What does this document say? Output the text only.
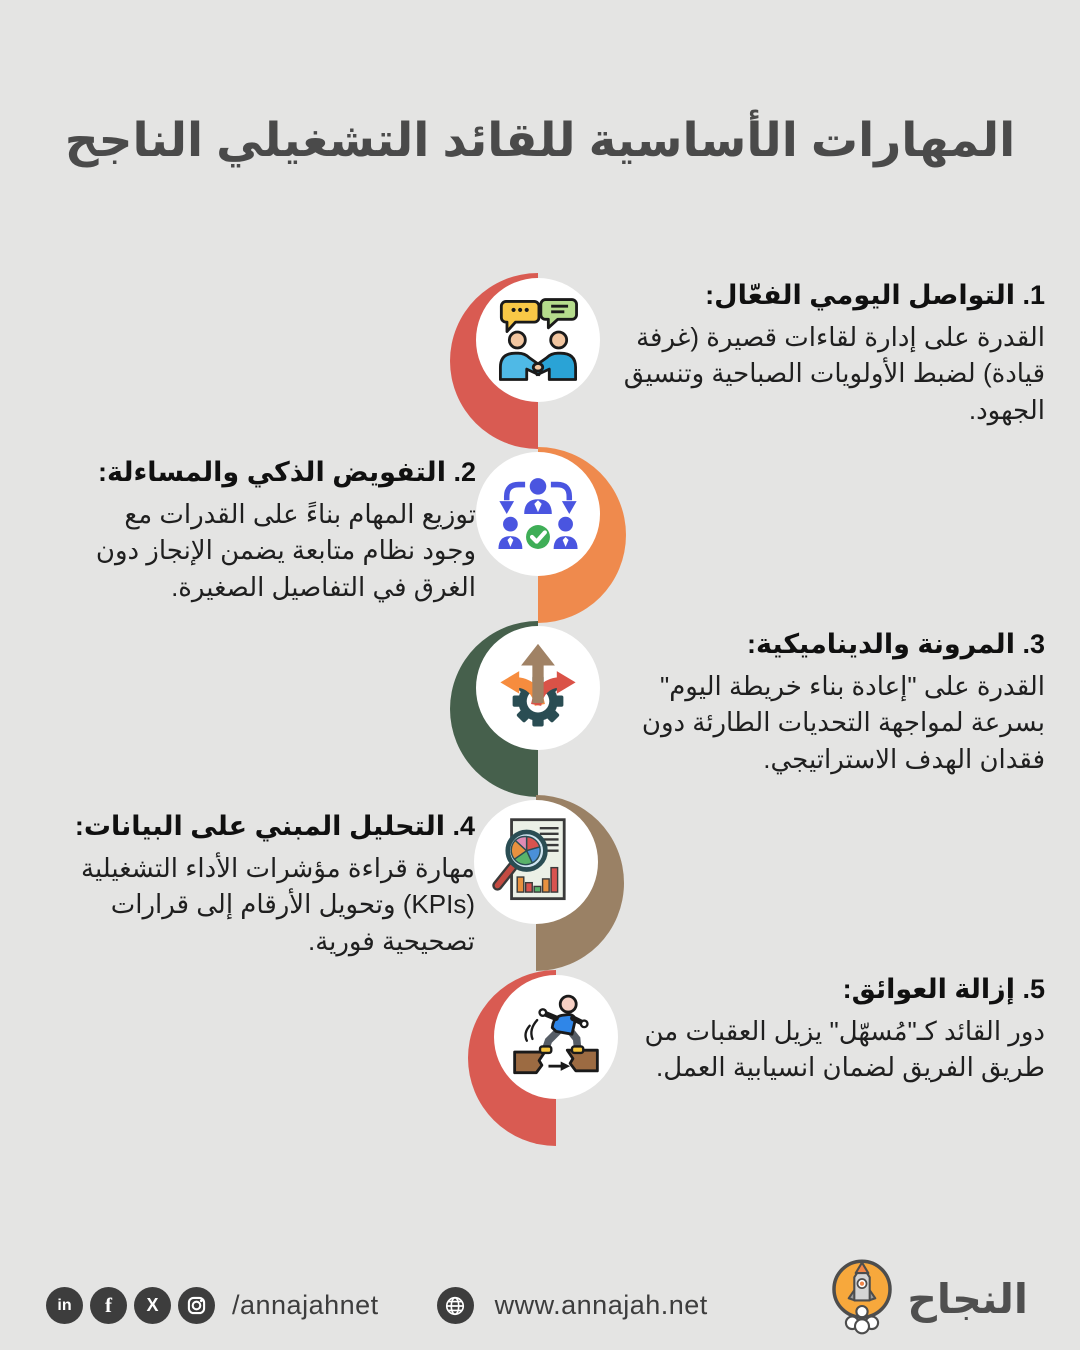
المهارات الأساسية للقائد التشغيلي الناجح
1. التواصل اليومي الفعّال:

القدرة على إدارة لقاءات قصيرة (غرفة قيادة) لضبط الأولويات الصباحية وتنسيق الجهود.

2. التفويض الذكي والمساءلة:

توزيع المهام بناءً على القدرات مع وجود نظام متابعة يضمن الإنجاز دون الغرق في التفاصيل الصغيرة.

3. المرونة والديناميكية:

القدرة على "إعادة بناء خريطة اليوم" بسرعة لمواجهة التحديات الطارئة دون فقدان الهدف الاستراتيجي.

4. التحليل المبني على البيانات:

مهارة قراءة مؤشرات الأداء التشغيلية (KPIs) وتحويل الأرقام إلى قرارات تصحيحية فورية.

5. إزالة العوائق:

دور القائد كـ"مُسهّل" يزيل العقبات من طريق الفريق لضمان انسيابية العمل.

in f X	/annajahnet	www.annajah.net	النجاح
